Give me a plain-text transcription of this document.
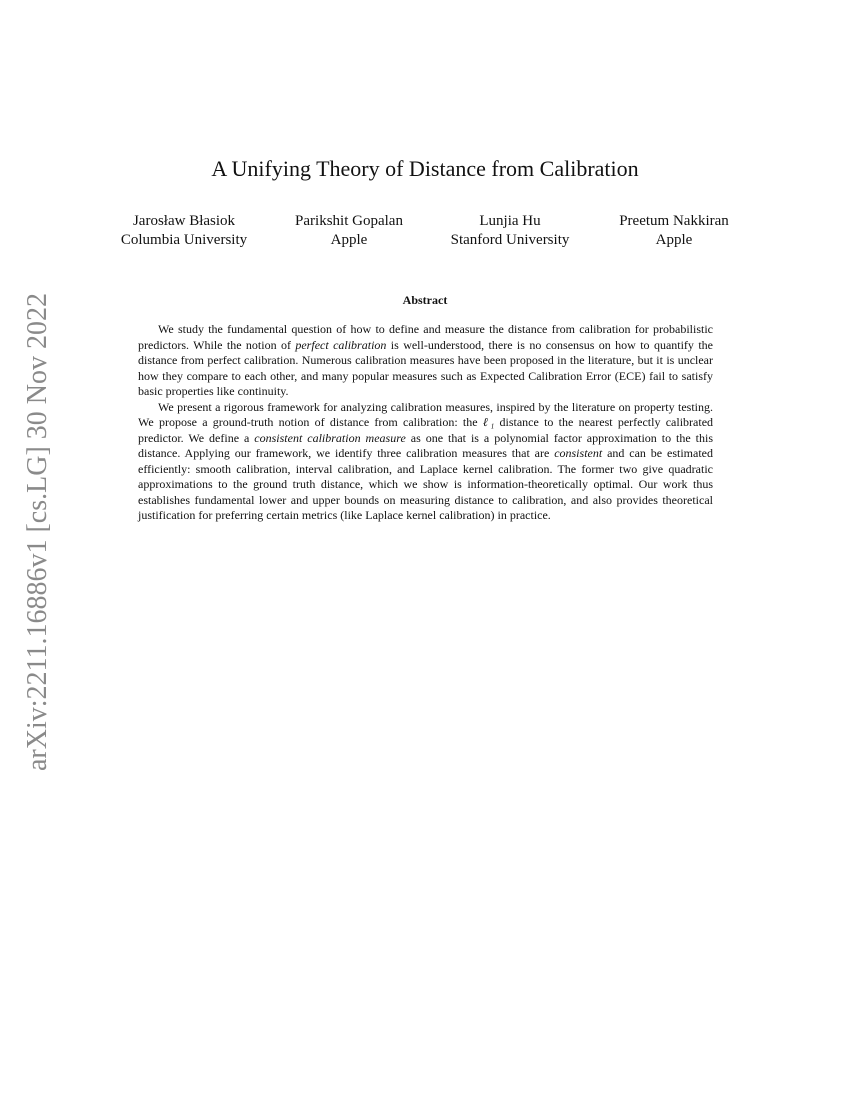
arXiv:2211.16886v1 [cs.LG] 30 Nov 2022
A Unifying Theory of Distance from Calibration
Jarosław Błasiok
Columbia University
Parikshit Gopalan
Apple
Lunjia Hu
Stanford University
Preetum Nakkiran
Apple
Abstract

We study the fundamental question of how to define and measure the distance from calibration for probabilistic predictors. While the notion of perfect calibration is well-understood, there is no consensus on how to quantify the distance from perfect calibration. Numerous calibration measures have been proposed in the literature, but it is unclear how they compare to each other, and many popular measures such as Expected Calibration Error (ECE) fail to satisfy basic properties like continuity.

We present a rigorous framework for analyzing calibration measures, inspired by the literature on property testing. We propose a ground-truth notion of distance from calibration: the ℓ₁ distance to the nearest perfectly calibrated predictor. We define a consistent calibration measure as one that is a polynomial factor approximation to the this distance. Applying our framework, we identify three calibration measures that are consistent and can be estimated efficiently: smooth calibration, interval calibration, and Laplace kernel calibration. The former two give quadratic approximations to the ground truth distance, which we show is information-theoretically optimal. Our work thus establishes fundamental lower and upper bounds on measuring distance to calibration, and also provides theoretical justification for preferring certain metrics (like Laplace kernel calibration) in practice.
